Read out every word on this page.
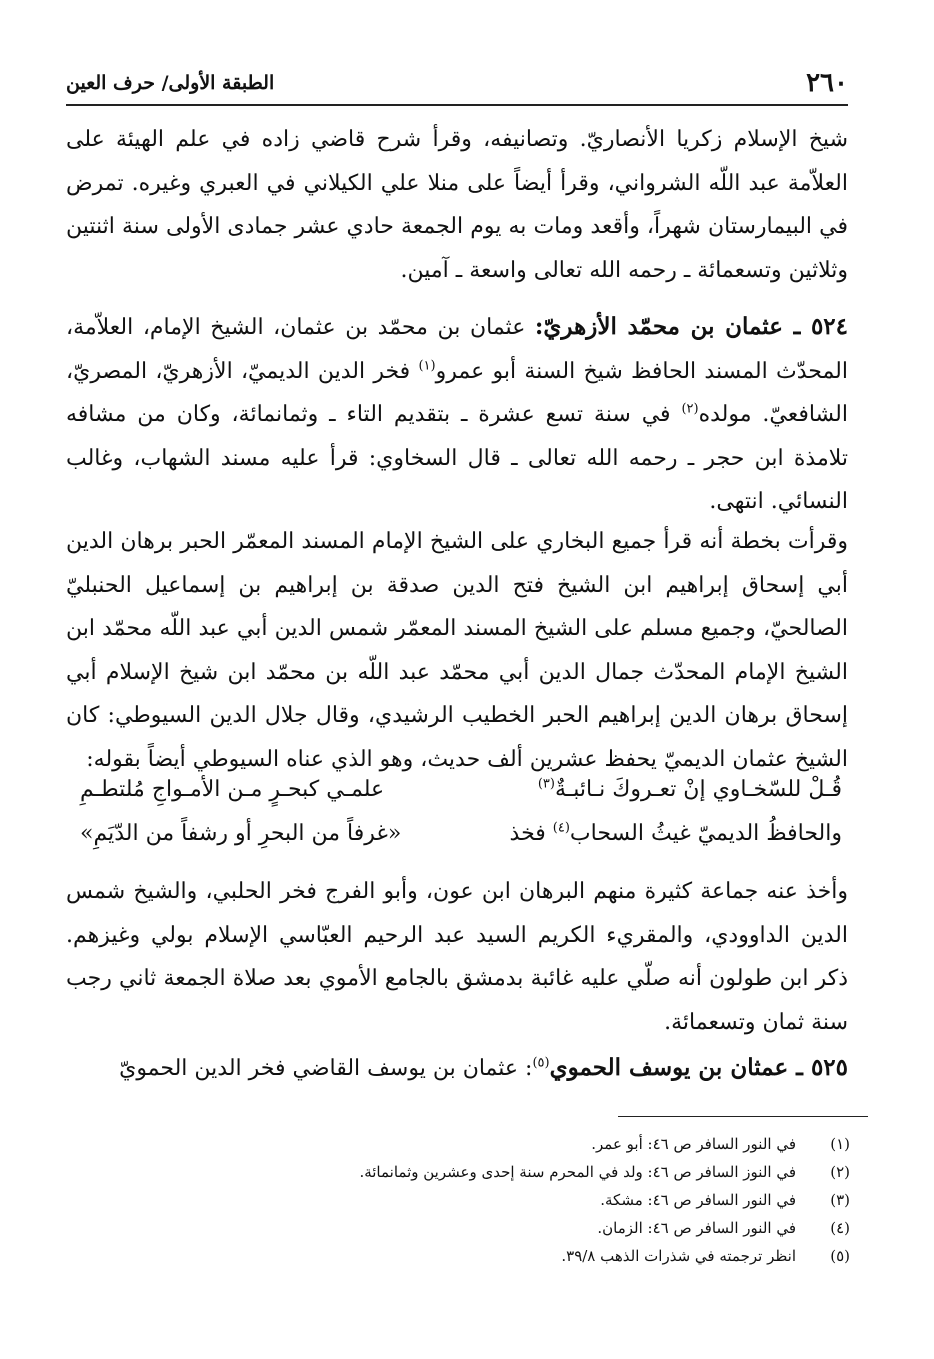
٢٦٠
الطبقة الأولى/ حرف العين
شيخ الإسلام زكريا الأنصاريّ. وتصانيفه، وقرأ شرح قاضي زاده في علم الهيئة على العلاّمة عبد اللّه الشرواني، وقرأ أيضاً على منلا علي الكيلاني في العبري وغيره. تمرض في البيمارستان شهراً، وأقعد ومات به يوم الجمعة حادي عشر جمادى الأولى سنة اثنتين وثلاثين وتسعمائة ـ رحمه الله تعالى واسعة ـ آمين.
٥٢٤ ـ عثمان بن محمّد الأزهريّ: عثمان بن محمّد بن عثمان، الشيخ الإمام، العلاّمة، المحدّث المسند الحافظ شيخ السنة أبو عمرو$^{(١)}$ فخر الدين الديميّ، الأزهريّ، المصريّ، الشافعيّ. مولده$^{(٢)}$ في سنة تسع عشرة ـ بتقديم التاء ـ وثمانمائة، وكان من مشافه تلامذة ابن حجر ـ رحمه الله تعالى ـ قال السخاوي: قرأ عليه مسند الشهاب، وغالب النسائي. انتهى.
وقرأت بخطة أنه قرأ جميع البخاري على الشيخ الإمام المسند المعمّر الحبر برهان الدين أبي إسحاق إبراهيم ابن الشيخ فتح الدين صدقة بن إبراهيم بن إسماعيل الحنبليّ الصالحيّ، وجميع مسلم على الشيخ المسند المعمّر شمس الدين أبي عبد اللّه محمّد ابن الشيخ الإمام المحدّث جمال الدين أبي محمّد عبد اللّه بن محمّد ابن شيخ الإسلام أبي إسحاق برهان الدين إبراهيم الحبر الخطيب الرشيدي، وقال جلال الدين السيوطي: كان الشيخ عثمان الديميّ يحفظ عشرين ألف حديث، وهو الذي عناه السيوطي أيضاً بقوله:
قُـلْ للسّخـاوي إنْ تعـروكَ نـائبـةٌ$^{(٣)}$
علمـي كبحـرٍ مـن الأمـواجِ مُلتطـمِ
والحافظُ الديميّ غيثُ السحاب$^{(٤)}$ فخذ
«غرفاً من البحرِ أو رشفاً من الدّيَمِ»
وأخذ عنه جماعة كثيرة منهم البرهان ابن عون، وأبو الفرج فخر الحلبي، والشيخ شمس الدين الداوودي، والمقريء الكريم السيد عبد الرحيم العبّاسي الإسلام بولي وغيزهم. ذكر ابن طولون أنه صلّي عليه غائبة بدمشق بالجامع الأموي بعد صلاة الجمعة ثاني رجب سنة ثمان وتسعمائة.
٥٢٥ ـ عمثان بن يوسف الحموي$^{(٥)}$: عثمان بن يوسف القاضي فخر الدين الحمويّ
(١)
في النور السافر ص ٤٦: أبو عمر.
(٢)
في النوز السافر ص ٤٦: ولد في المحرم سنة إحدى وعشرين وثمانمائة.
(٣)
في النور السافر ص ٤٦: مشكة.
(٤)
في النور السافر ص ٤٦: الزمان.
(٥)
انظر ترجمته في شذرات الذهب ٣٩/٨.
